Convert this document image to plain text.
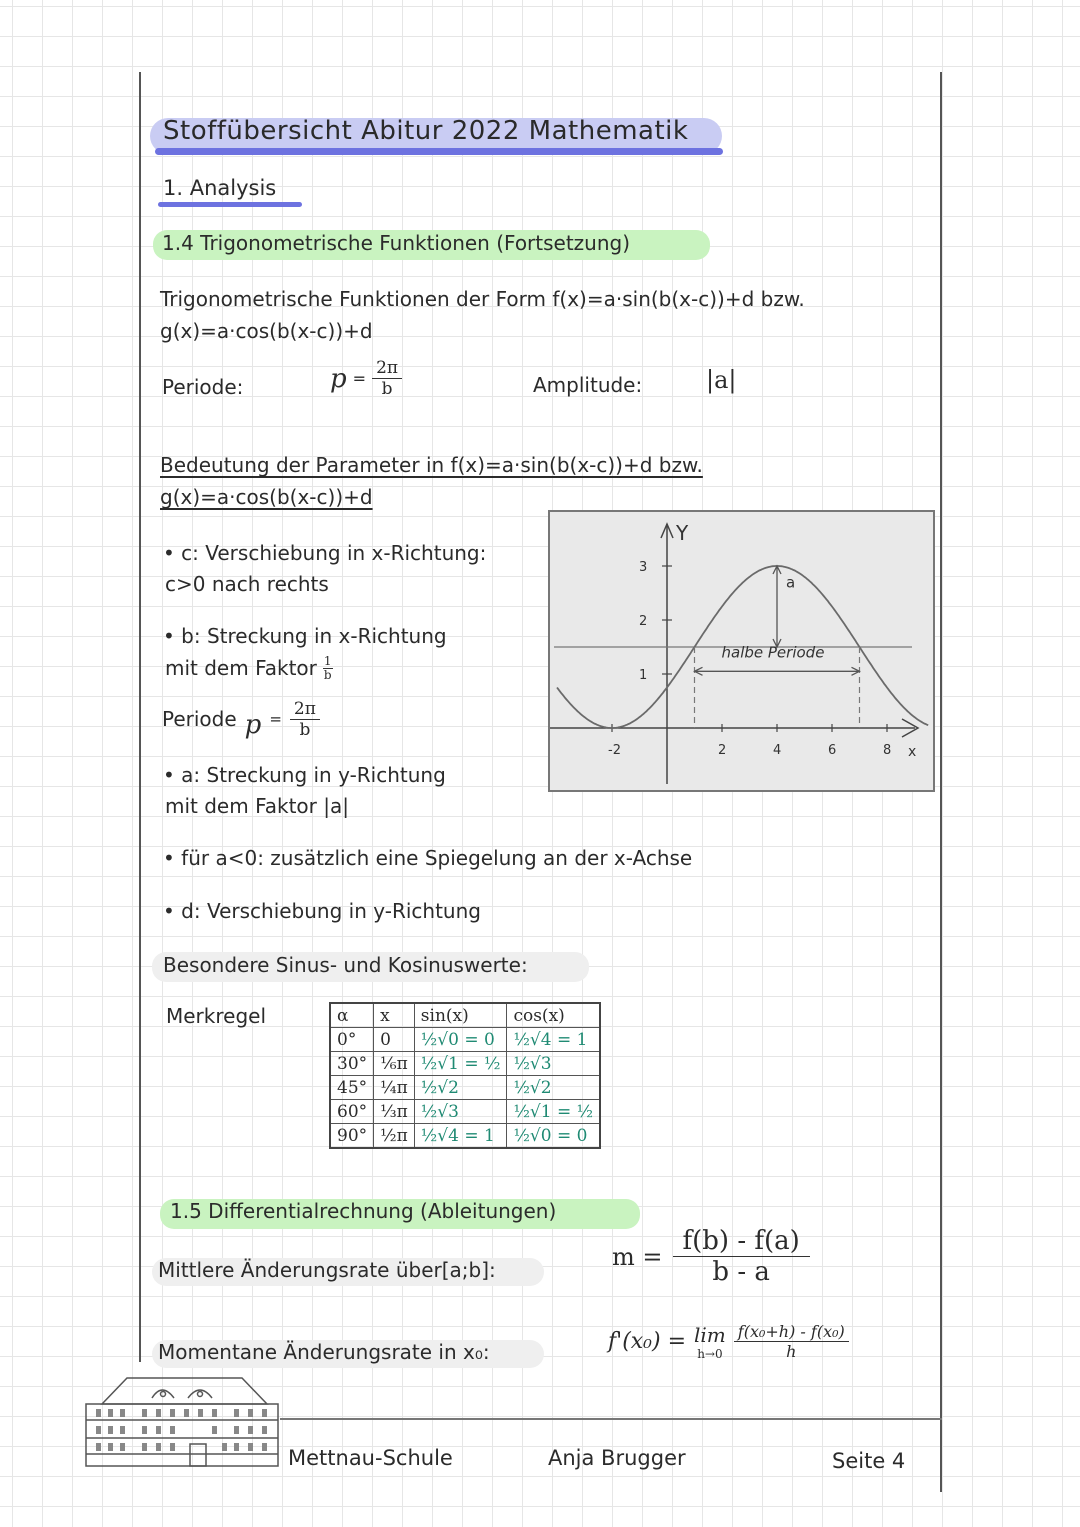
Stoffübersicht Abitur 2022 Mathematik
1. Analysis
1.4 Trigonometrische Funktionen (Fortsetzung)
Trigonometrische Funktionen der Form f(x)=a·sin(b(x-c))+d bzw.
g(x)=a·cos(b(x-c))+d
Periode:	$p = \frac{2\pi}{b}$	Amplitude:	|a|
Bedeutung der Parameter in f(x)=a·sin(b(x-c))+d bzw.
g(x)=a·cos(b(x-c))+d
• c: Verschiebung in x-Richtung:
c>0 nach rechts
• b: Streckung in x-Richtung
mit dem Faktor $\frac{1}{b}$
Periode $p = \frac{2\pi}{b}$
• a: Streckung in y-Richtung
mit dem Faktor |a|
• für a<0: zusätzlich eine Spiegelung an der x-Achse
• d: Verschiebung in y-Richtung
Y
x
-2	2	4	6	8
1
2
3
a
halbe Periode
Besondere Sinus- und Kosinuswerte:
Merkregel	α	x	sin(x)	cos(x)
0°	0	½√0 = 0	½√4 = 1
30°	⅙π	½√1 = ½	½√3
45°	¼π	½√2	½√2
60°	⅓π	½√3	½√1 = ½
90°	½π	½√4 = 1	½√0 = 0
1.5 Differentialrechnung (Ableitungen)
Mittlere Änderungsrate über[a;b]:	$m = \frac{f(b) - f(a)}{b - a}$
Momentane Änderungsrate in x₀:	f'(x₀) = lim
$h\to 0 \frac{\text{f(x₀+h) - f(x₀)}}{h}$
Mettnau-Schule	Anja Brugger	Seite 4
